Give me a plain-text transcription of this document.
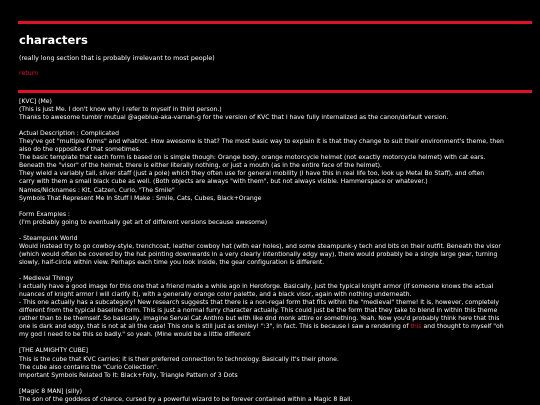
characters

(really long section that is probably irrelevant to most people)

return
[KVC] (Me)
(This is just Me. I don't know why I refer to myself in third person.)
Thanks to awesome tumblr mutual @ageblue-aka-varnah-g for the version of KVC that I have fully internalized as the canon/default version.
Actual Description : Complicated
They've got "multiple forms" and whatnot. How awesome is that? The most basic way to explain it is that they change to suit their environment's theme, then
also do the opposite of that sometimes.
The basic template that each form is based on is simple though: Orange body, orange motorcycle helmet (not exactly motorcycle helmet) with cat ears.
Beneath the "visor" of the helmet, there is either literally nothing, or just a mouth (as in the entire face of the helmet).
They wield a variably tall, silver staff (just a pole) which they often use for general mobility (I have this in real life too, look up Metal Bo Staff), and often
carry with them a small black cube as well. (Both objects are always "with them", but not always visible. Hammerspace or whatever.)
Names/Nicknames : Kit, Catzen, Curio, "The Smile"
Symbols That Represent Me In Stuff I Make : Smile, Cats, Cubes, Black+Orange
Form Examples :
(I'm probably going to eventually get art of different versions because awesome)
- Steampunk World
Would instead try to go cowboy-style, trenchcoat, leather cowboy hat (with ear holes), and some steampunk-y tech and bits on their outfit. Beneath the visor
(which would often be covered by the hat pointing downwards in a very clearly intentionally edgy way), there would probably be a single large gear, turning
slowly, half-circle within view. Perhaps each time you look inside, the gear configuration is different.
- Medieval Thingy
I actually have a good image for this one that a friend made a while ago in Heroforge. Basically, just the typical knight armor (if someone knows the actual
nuances of knight armor I will clarify it), with a generally orange color palette, and a black visor, again with nothing underneath.
- This one actually has a subcategory! New research suggests that there is a non-regal form that fits within the "medieval" theme! It is, however, completely
different from the typical baseline form. This is just a normal furry character actually. This could just be the form that they take to blend in within this theme
rather than to be themself. So basically, imagine Serval Cat Anthro but with like dnd monk attire or something. Yeah. Now you'd probably think here that this
one is dark and edgy, that is not at all the case! This one is still just as smiley! ":3", in fact. This is because I saw a rendering of this and thought to myself "oh
my god I need to be this so badly." so yeah. (Mine would be a little different
[THE ALMIGHTY CUBE]
This is the cube that KVC carries; it is their preferred connection to technology. Basically it's their phone.
The cube also contains the "Curio Collection".
Important Symbols Related To It: Black+Folly, Triangle Pattern of 3 Dots
[Magic 8 MAN] (silly)
The son of the goddess of chance, cursed by a powerful wizard to be forever contained within a Magic 8 Ball.
